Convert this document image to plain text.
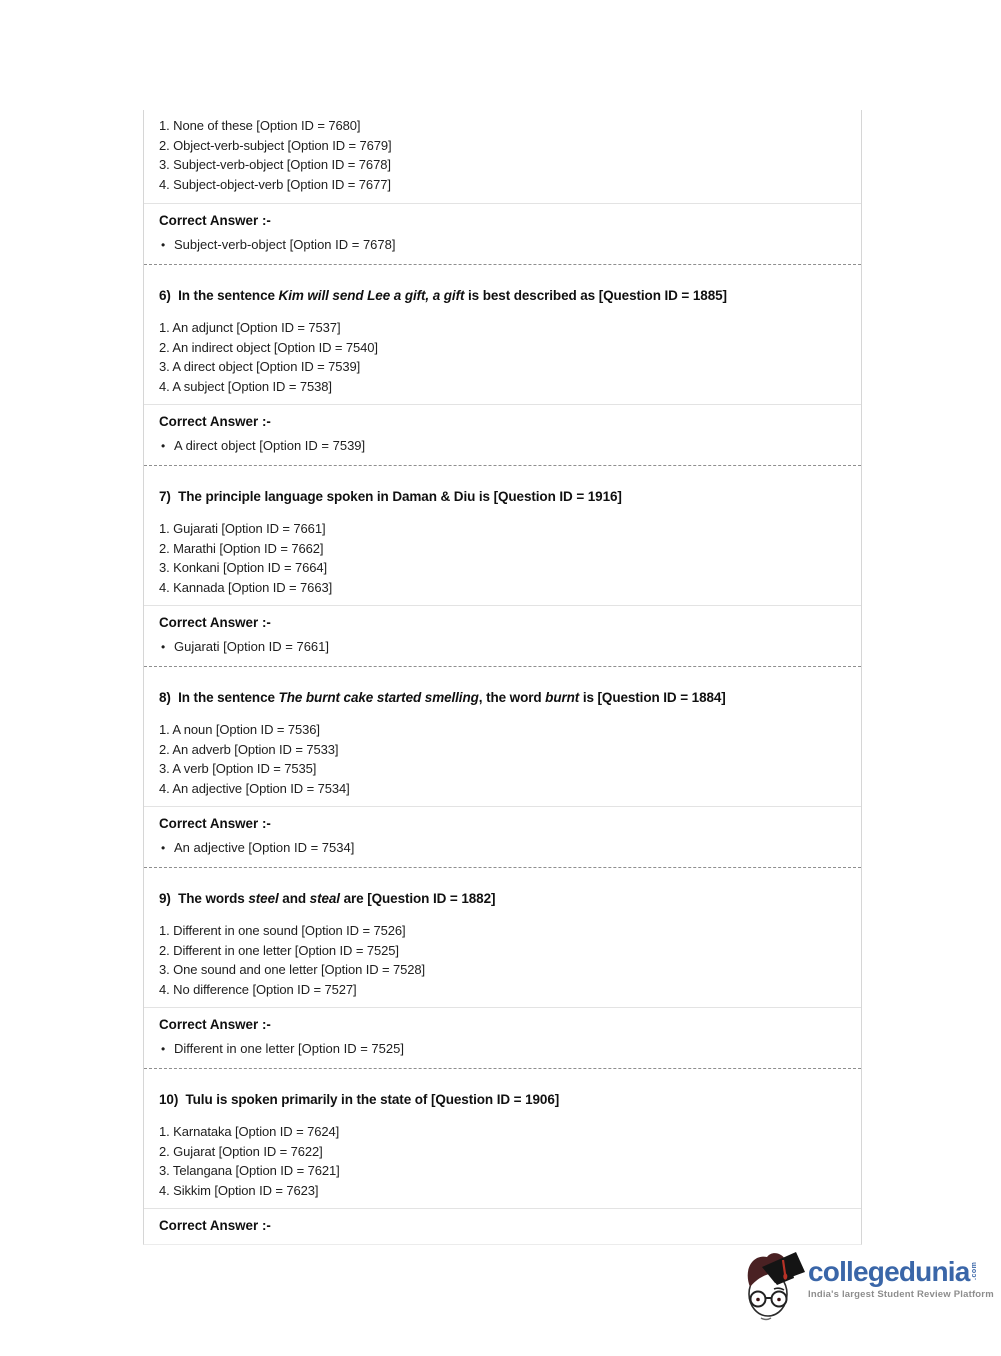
1. None of these [Option ID = 7680]
2. Object-verb-subject [Option ID = 7679]
3. Subject-verb-object [Option ID = 7678]
4. Subject-object-verb [Option ID = 7677]
Correct Answer :-
• Subject-verb-object [Option ID = 7678]
6)  In the sentence Kim will send Lee a gift, a gift is best described as [Question ID = 1885]
1. An adjunct [Option ID = 7537]
2. An indirect object [Option ID = 7540]
3. A direct object [Option ID = 7539]
4. A subject [Option ID = 7538]
Correct Answer :-
• A direct object [Option ID = 7539]
7)  The principle language spoken in Daman & Diu is [Question ID = 1916]
1. Gujarati [Option ID = 7661]
2. Marathi [Option ID = 7662]
3. Konkani [Option ID = 7664]
4. Kannada [Option ID = 7663]
Correct Answer :-
• Gujarati [Option ID = 7661]
8)  In the sentence The burnt cake started smelling, the word burnt is [Question ID = 1884]
1. A noun [Option ID = 7536]
2. An adverb [Option ID = 7533]
3. A verb [Option ID = 7535]
4. An adjective [Option ID = 7534]
Correct Answer :-
• An adjective [Option ID = 7534]
9)  The words steel and steal are [Question ID = 1882]
1. Different in one sound [Option ID = 7526]
2. Different in one letter [Option ID = 7525]
3. One sound and one letter [Option ID = 7528]
4. No difference [Option ID = 7527]
Correct Answer :-
• Different in one letter [Option ID = 7525]
10)  Tulu is spoken primarily in the state of [Question ID = 1906]
1. Karnataka [Option ID = 7624]
2. Gujarat [Option ID = 7622]
3. Telangana [Option ID = 7621]
4. Sikkim [Option ID = 7623]
Correct Answer :-
collegedunia .com
India's largest Student Review Platform
